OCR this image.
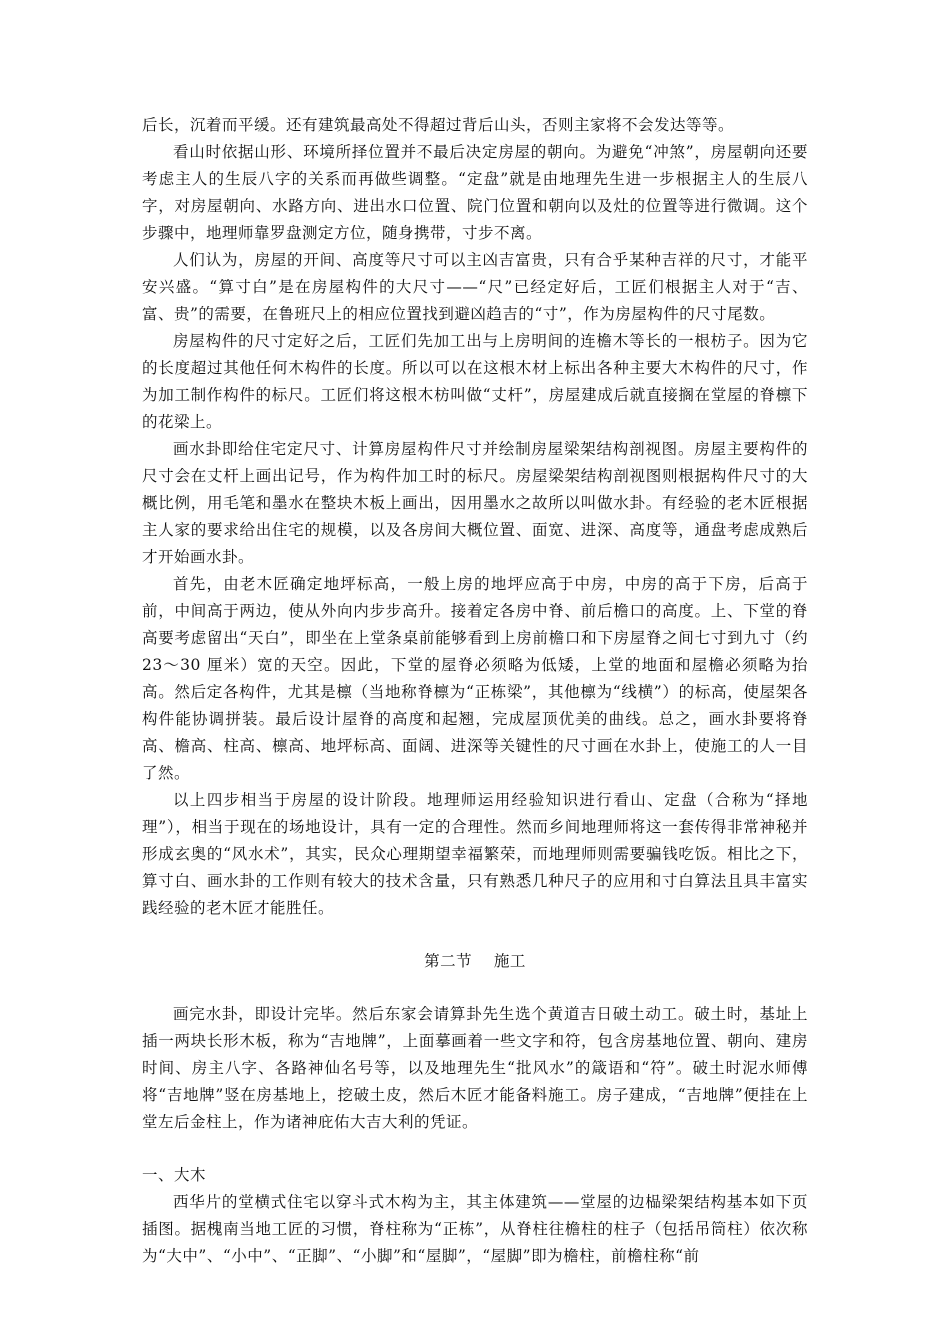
后长，沉着而平缓。还有建筑最高处不得超过背后山头，否则主家将不会发达等等。

看山时依据山形、环境所择位置并不最后决定房屋的朝向。为避免“冲煞”，房屋朝向还要考虑主人的生辰八字的关系而再做些调整。“定盘”就是由地理先生进一步根据主人的生辰八字，对房屋朝向、水路方向、进出水口位置、院门位置和朝向以及灶的位置等进行微调。这个步骤中，地理师靠罗盘测定方位，随身携带，寸步不离。

人们认为，房屋的开间、高度等尺寸可以主凶吉富贵，只有合乎某种吉祥的尺寸，才能平安兴盛。“算寸白”是在房屋构件的大尺寸——“尺”已经定好后，工匠们根据主人对于“吉、富、贵”的需要，在鲁班尺上的相应位置找到避凶趋吉的“寸”，作为房屋构件的尺寸尾数。

房屋构件的尺寸定好之后，工匠们先加工出与上房明间的连檐木等长的一根枋子。因为它的长度超过其他任何木构件的长度。所以可以在这根木材上标出各种主要大木构件的尺寸，作为加工制作构件的标尺。工匠们将这根木枋叫做“丈杆”，房屋建成后就直接搁在堂屋的脊檩下的花梁上。

画水卦即给住宅定尺寸、计算房屋构件尺寸并绘制房屋梁架结构剖视图。房屋主要构件的尺寸会在丈杆上画出记号，作为构件加工时的标尺。房屋梁架结构剖视图则根据构件尺寸的大概比例，用毛笔和墨水在整块木板上画出，因用墨水之故所以叫做水卦。有经验的老木匠根据主人家的要求给出住宅的规模，以及各房间大概位置、面宽、进深、高度等，通盘考虑成熟后才开始画水卦。

首先，由老木匠确定地坪标高，一般上房的地坪应高于中房，中房的高于下房，后高于前，中间高于两边，使从外向内步步高升。接着定各房中脊、前后檐口的高度。上、下堂的脊高要考虑留出“天白”，即坐在上堂条桌前能够看到上房前檐口和下房屋脊之间七寸到九寸（约 23～30 厘米）宽的天空。因此，下堂的屋脊必须略为低矮，上堂的地面和屋檐必须略为抬高。然后定各构件，尤其是檩（当地称脊檩为“正栋梁”，其他檩为“线横”）的标高，使屋架各构件能协调拼装。最后设计屋脊的高度和起翘，完成屋顶优美的曲线。总之，画水卦要将脊高、檐高、柱高、檩高、地坪标高、面阔、进深等关键性的尺寸画在水卦上，使施工的人一目了然。

以上四步相当于房屋的设计阶段。地理师运用经验知识进行看山、定盘（合称为“择地理”），相当于现在的场地设计，具有一定的合理性。然而乡间地理师将这一套传得非常神秘并形成玄奥的“风水术”，其实，民众心理期望幸福繁荣，而地理师则需要骗钱吃饭。相比之下，算寸白、画水卦的工作则有较大的技术含量，只有熟悉几种尺子的应用和寸白算法且具丰富实践经验的老木匠才能胜任。

第二节 施工

画完水卦，即设计完毕。然后东家会请算卦先生选个黄道吉日破土动工。破土时，基址上插一两块长形木板，称为“吉地牌”，上面摹画着一些文字和符，包含房基地位置、朝向、建房时间、房主八字、各路神仙名号等，以及地理先生“批风水”的箴语和“符”。破土时泥水师傅将“吉地牌”竖在房基地上，挖破土皮，然后木匠才能备料施工。房子建成，“吉地牌”便挂在上堂左后金柱上，作为诸神庇佑大吉大利的凭证。

一、大木

西华片的堂横式住宅以穿斗式木构为主，其主体建筑——堂屋的边榀梁架结构基本如下页插图。据槐南当地工匠的习惯，脊柱称为“正栋”，从脊柱往檐柱的柱子（包括吊筒柱）依次称为“大中”、“小中”、“正脚”、“小脚”和“屋脚”，“屋脚”即为檐柱，前檐柱称“前
